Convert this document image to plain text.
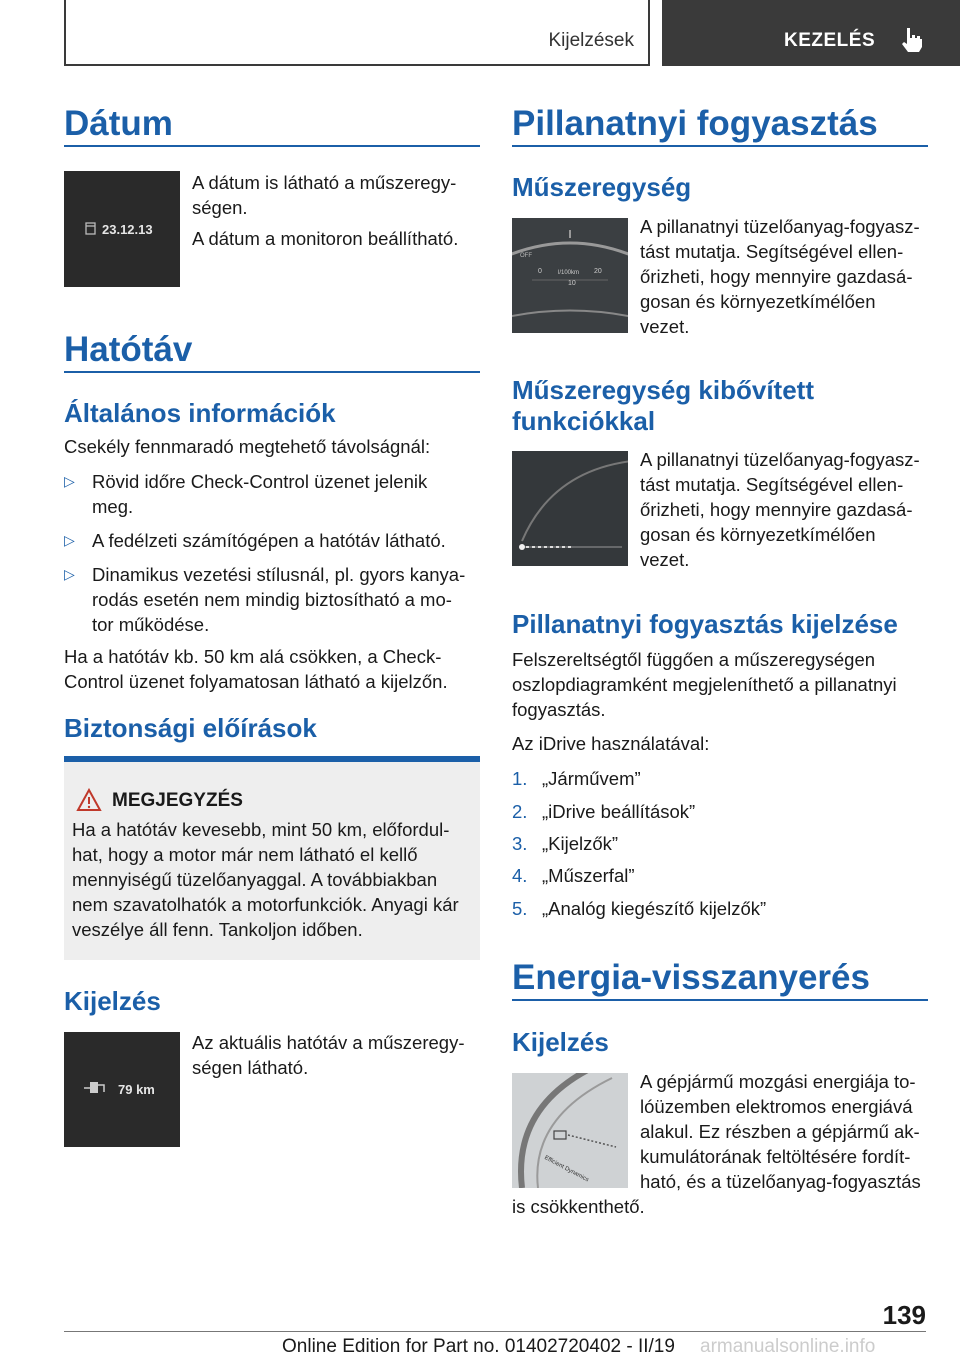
Kijelzések	KEZELÉS
Dátum
23.12.13
A dátum is látható a műszeregy-
ségen.
A dátum a monitoron beállítható.
Hatótáv
Általános információk
Csekély fennmaradó megtehető távolságnál:
▷ Rövid időre Check-Control üzenet jelenik
meg.
▷ A fedélzeti számítógépen a hatótáv látható.
▷ Dinamikus vezetési stílusnál, pl. gyors kanya-
rodás esetén nem mindig biztosítható a mo-
tor működése.
Ha a hatótáv kb. 50 km alá csökken, a Check-
Control üzenet folyamatosan látható a kijelzőn.
Biztonsági előírások
MEGJEGYZÉS
Ha a hatótáv kevesebb, mint 50 km, előfordul-
hat, hogy a motor már nem látható el kellő
mennyiségű tüzelőanyaggal. A továbbiakban
nem szavatolhatók a motorfunkciók. Anyagi kár
veszélye áll fenn. Tankoljon időben.
Kijelzés
79 km
Az aktuális hatótáv a műszeregy-
ségen látható.
Pillanatnyi fogyasztás
Műszeregység
OFF
0	l/100km
10
20
A pillanatnyi tüzelőanyag-fogyasz-
tást mutatja. Segítségével ellen-
őrizheti, hogy mennyire gazdasá-
gosan és környezetkímélően
vezet.
Műszeregység kibővített
funkciókkal
A pillanatnyi tüzelőanyag-fogyasz-
tást mutatja. Segítségével ellen-
őrizheti, hogy mennyire gazdasá-
gosan és környezetkímélően
vezet.
Pillanatnyi fogyasztás kijelzése
Felszereltségtől függően a műszeregységen
oszlopdiagramként megjeleníthető a pillanatnyi
fogyasztás.
Az iDrive használatával:
1. „Járművem”
2. „iDrive beállítások”
3. „Kijelzők”
4. „Műszerfal”
5. „Analóg kiegészítő kijelzők”
Energia-visszanyerés
Kijelzés
Efficient Dynamics
A gépjármű mozgási energiája to-
lóüzemben elektromos energiává
alakul. Ez részben a gépjármű ak-
kumulátorának feltöltésére fordít-
ható, és a tüzelőanyag-fogyasztás
is csökkenthető.
139
Online Edition for Part no. 01402720402 - II/19 armanualsonline.info
